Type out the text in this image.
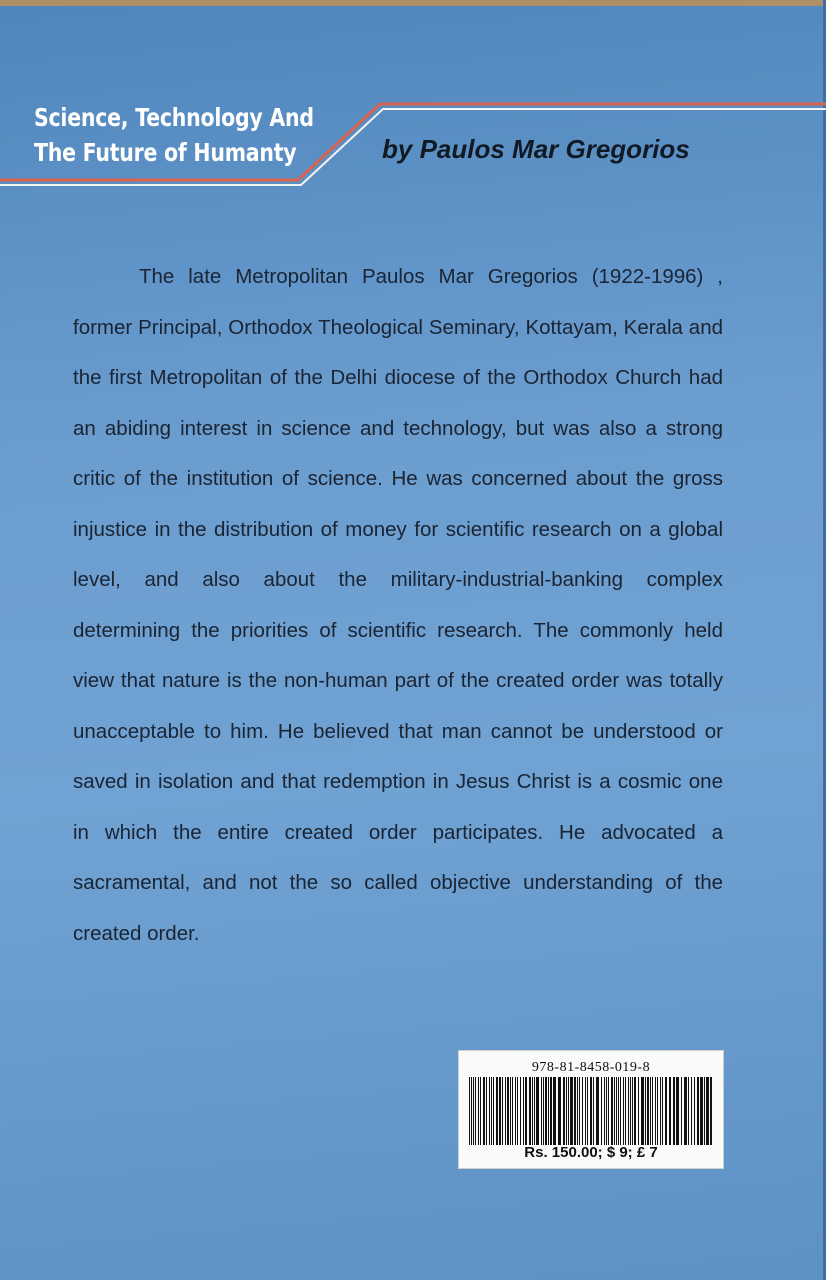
Science, Technology And
The Future of Humanty	by Paulos Mar Gregorios

The late Metropolitan Paulos Mar Gregorios (1922-1996) , former Principal, Orthodox Theological Seminary, Kottayam, Kerala and the first Metropolitan of the Delhi diocese of the Orthodox Church had an abiding interest in science and technology, but was also a strong critic of the institution of science. He was concerned about the gross injustice in the distribution of money for scientific research on a global level, and also about the military-industrial-banking complex determining the priorities of scientific research. The commonly held view that nature is the non-human part of the created order was totally unacceptable to him. He believed that man cannot be understood or saved in isolation and that redemption in Jesus Christ is a cosmic one in which the entire created order participates. He advocated a sacramental, and not the so called objective understanding of the created order.

978-81-8458-019-8
Rs. 150.00; $ 9; £ 7
